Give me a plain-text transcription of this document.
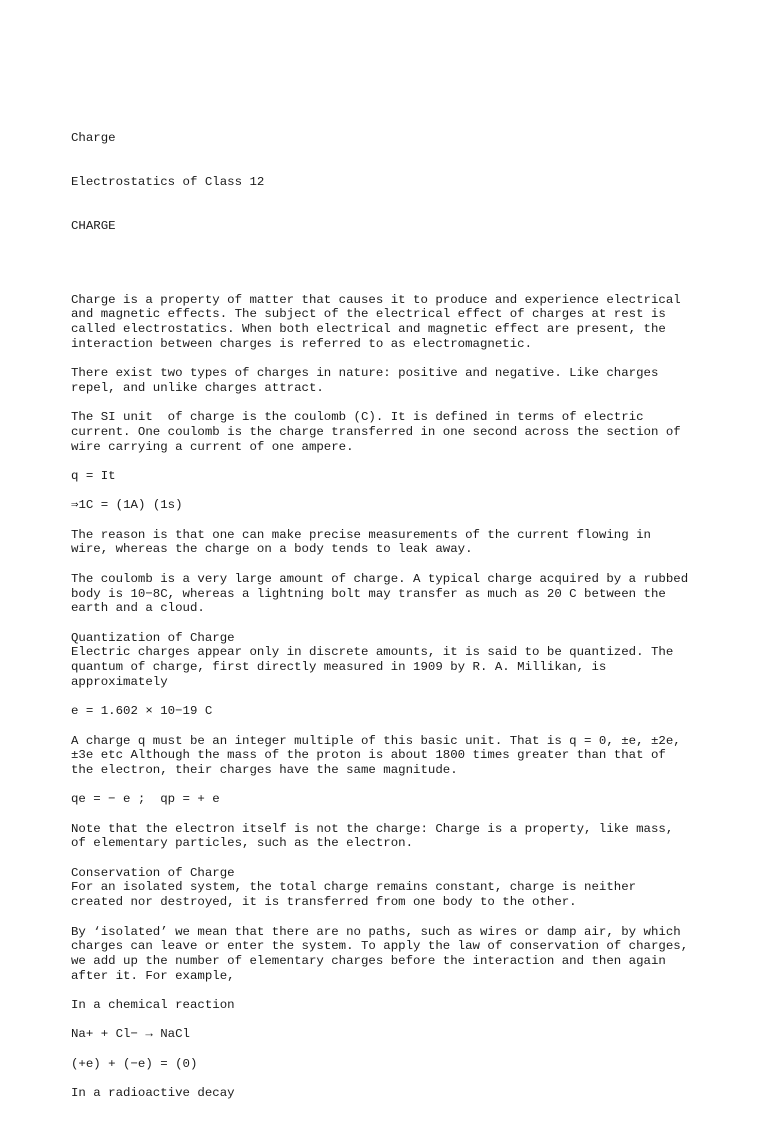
Charge

Electrostatics of Class 12

CHARGE

Charge is a property of matter that causes it to produce and experience electrical
and magnetic effects. The subject of the electrical effect of charges at rest is
called electrostatics. When both electrical and magnetic effect are present, the
interaction between charges is referred to as electromagnetic.
There exist two types of charges in nature: positive and negative. Like charges
repel, and unlike charges attract.
The SI unit  of charge is the coulomb (C). It is defined in terms of electric
current. One coulomb is the charge transferred in one second across the section of
wire carrying a current of one ampere.
q = It
⇒1C = (1A) (1s)
The reason is that one can make precise measurements of the current flowing in
wire, whereas the charge on a body tends to leak away.
The coulomb is a very large amount of charge. A typical charge acquired by a rubbed
body is 10−8C, whereas a lightning bolt may transfer as much as 20 C between the
earth and a cloud.
Quantization of Charge
Electric charges appear only in discrete amounts, it is said to be quantized. The
quantum of charge, first directly measured in 1909 by R. A. Millikan, is
approximately
e = 1.602 × 10−19 C
A charge q must be an integer multiple of this basic unit. That is q = 0, ±e, ±2e,
±3e etc Although the mass of the proton is about 1800 times greater than that of
the electron, their charges have the same magnitude.
qe = − e ;  qp = + e
Note that the electron itself is not the charge: Charge is a property, like mass,
of elementary particles, such as the electron.
Conservation of Charge
For an isolated system, the total charge remains constant, charge is neither
created nor destroyed, it is transferred from one body to the other.
By ‘isolated’ we mean that there are no paths, such as wires or damp air, by which
charges can leave or enter the system. To apply the law of conservation of charges,
we add up the number of elementary charges before the interaction and then again
after it. For example,
In a chemical reaction
Na+ + Cl− → NaCl
(+e) + (−e) = (0)
In a radioactive decay
